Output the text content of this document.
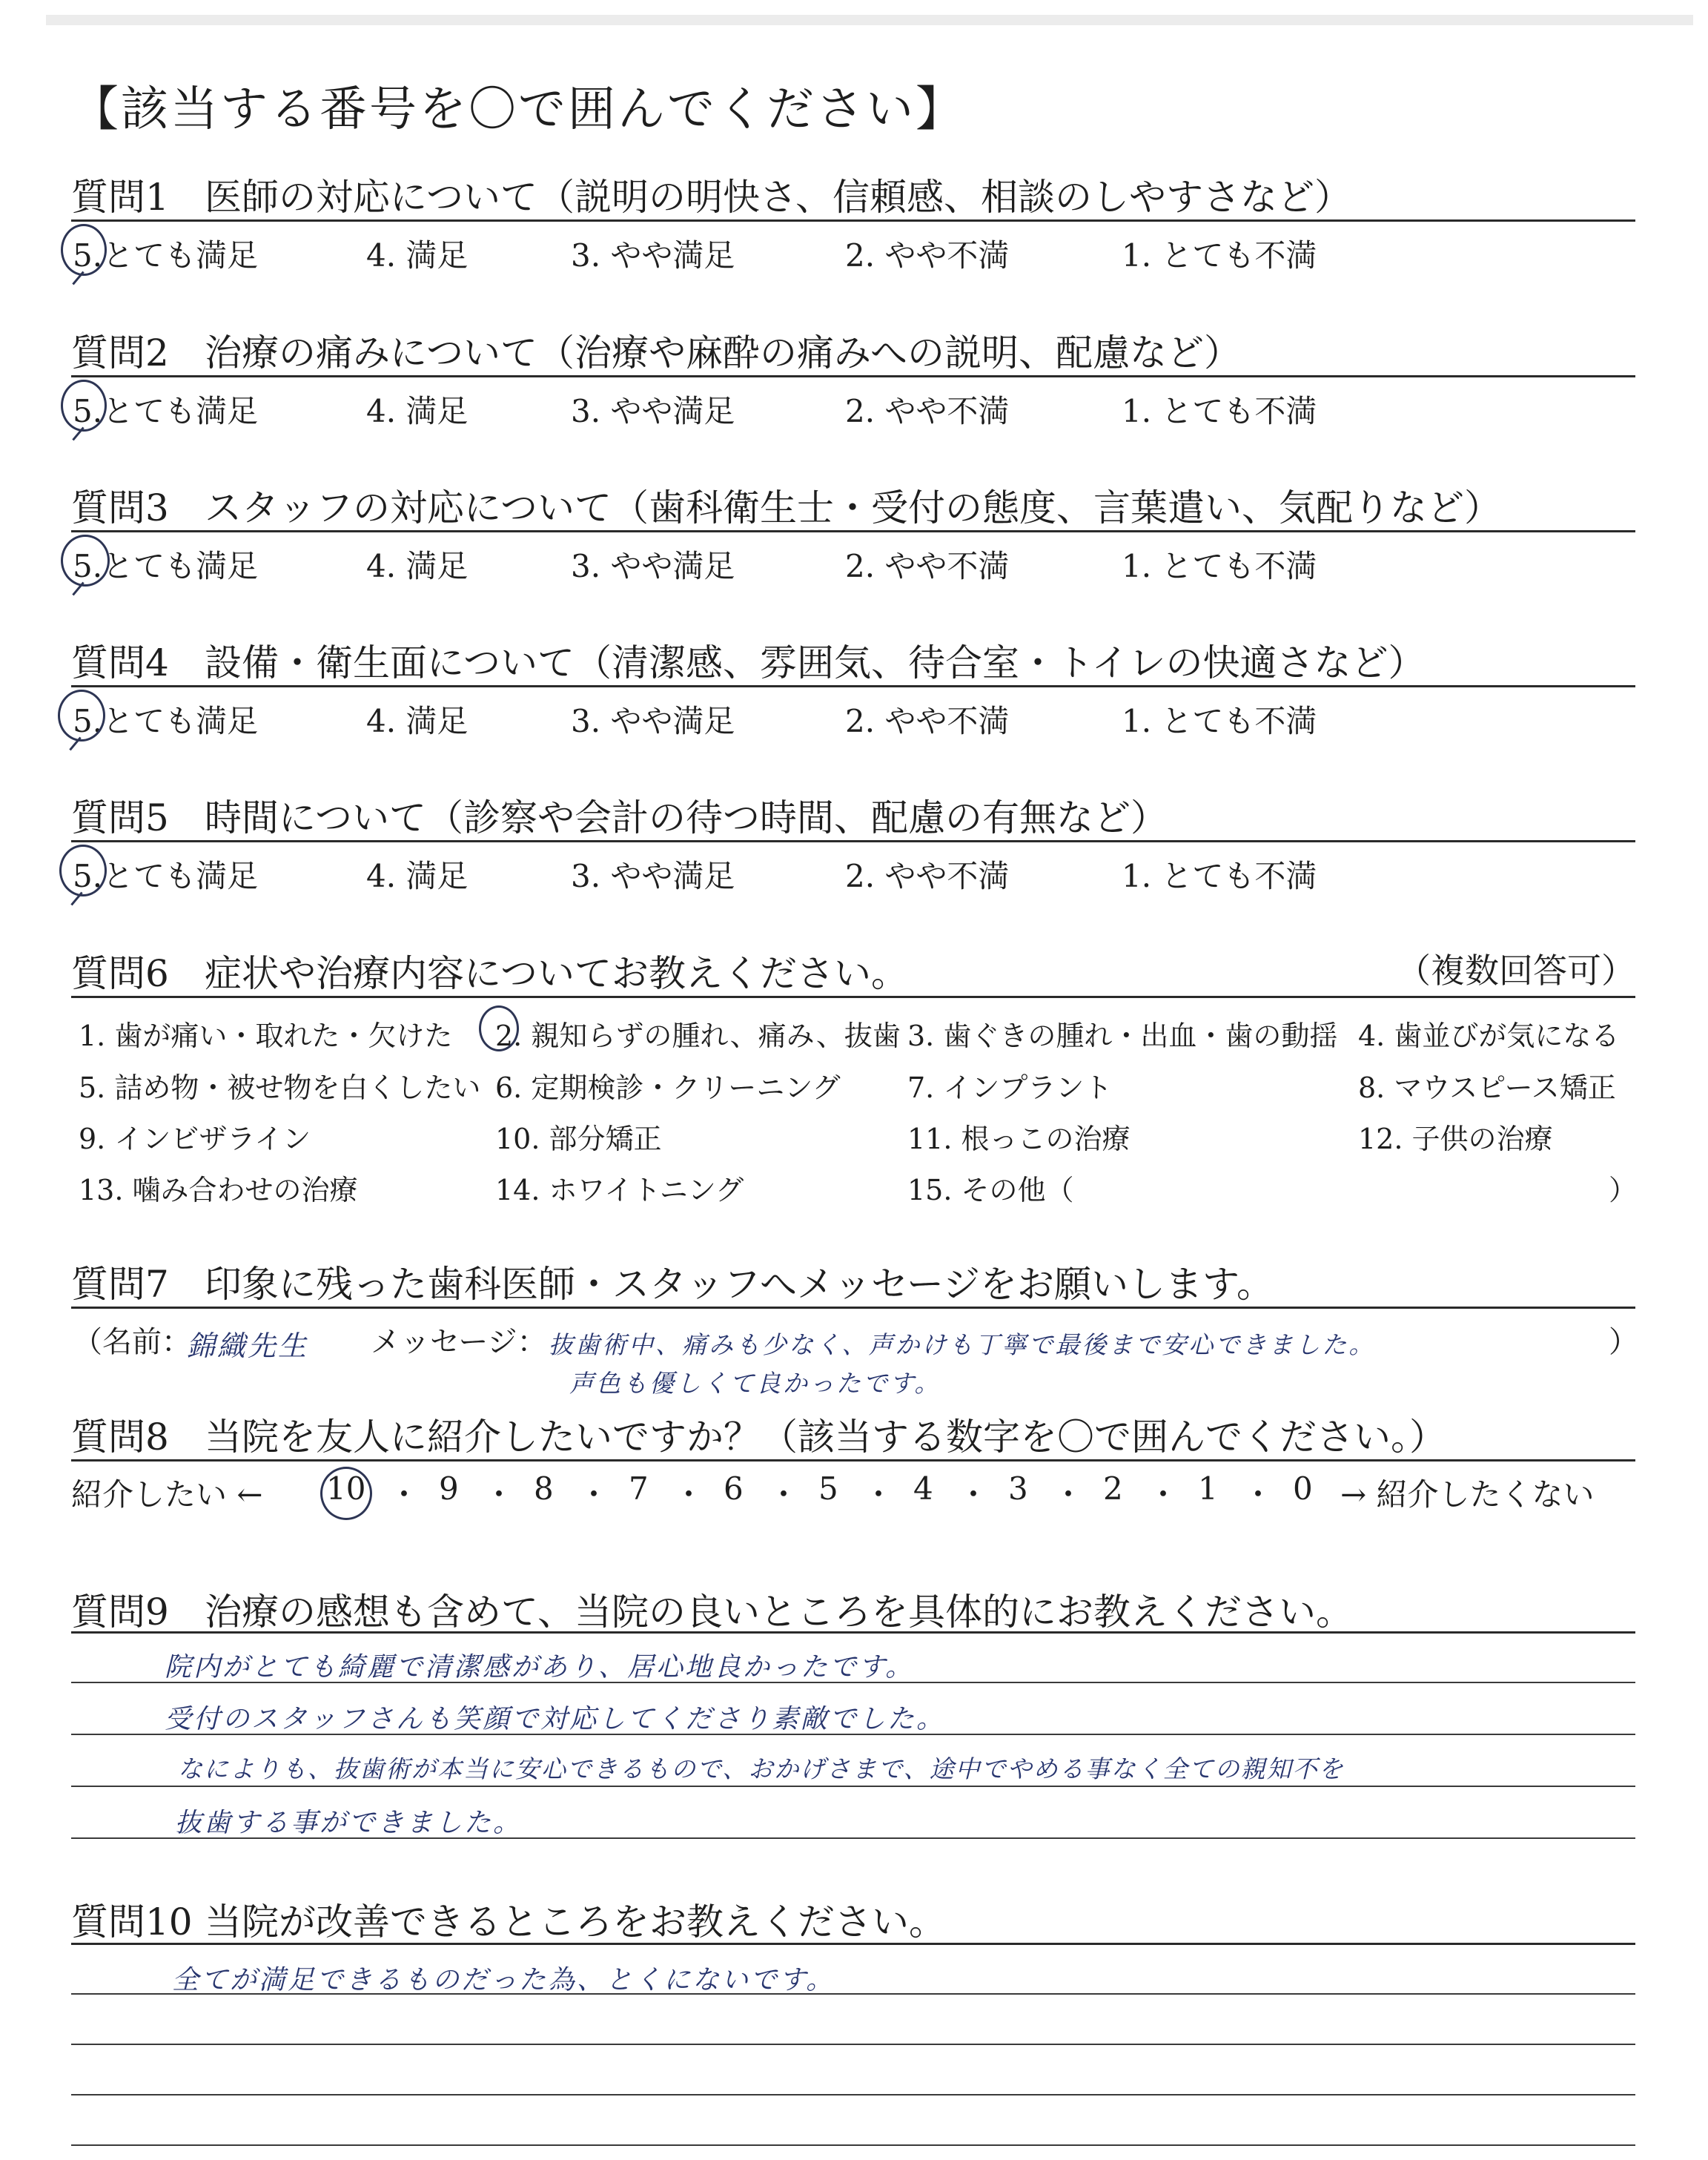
【該当する番号を〇で囲んでください】
質問1 医師の対応について（説明の明快さ、信頼感、相談のしやすさなど）
5.とても満足	4. 満足	3. やや満足	2. やや不満	1. とても不満
質問2 治療の痛みについて（治療や麻酔の痛みへの説明、配慮など）
5.とても満足	4. 満足	3. やや満足	2. やや不満	1. とても不満
質問3 スタッフの対応について（歯科衛生士・受付の態度、言葉遣い、気配りなど）
5.とても満足	4. 満足	3. やや満足	2. やや不満	1. とても不満
質問4 設備・衛生面について（清潔感、雰囲気、待合室・トイレの快適さなど）
5.とても満足	4. 満足	3. やや満足	2. やや不満	1. とても不満
質問5 時間について（診察や会計の待つ時間、配慮の有無など）
5.とても満足	4. 満足	3. やや満足	2. やや不満	1. とても不満
質問6 症状や治療内容についてお教えください。	（複数回答可）
1. 歯が痛い・取れた・欠けた 2. 親知らずの腫れ、痛み、抜歯 3. 歯ぐきの腫れ・出血・歯の動揺 4. 歯並びが気になる
5. 詰め物・被せ物を白くしたい 6. 定期検診・クリーニング 7. インプラント	8. マウスピース矯正
9. インビザライン	10. 部分矯正	11. 根っこの治療	12. 子供の治療
13. 噛み合わせの治療	14. ホワイトニング	15. その他（	）
質問7 印象に残った歯科医師・スタッフへメッセージをお願いします。
（名前：
錦織先生 メッセージ： 抜歯術中、痛みも少なく、声かけも丁寧で最後まで安心できました。
声色も優しくて良かったです。
）
質問8 当院を友人に紹介したいですか？（該当する数字を〇で囲んでください。）
紹介したい ← 10 ・ 9 ・ 8 ・ 7 ・ 6 ・ 5 ・ 4 ・ 3 ・ 2 ・ 1 ・ 0 → 紹介したくない
質問9 治療の感想も含めて、当院の良いところを具体的にお教えください。
院内がとても綺麗で清潔感があり、居心地良かったです。
受付のスタッフさんも笑顔で対応してくださり素敵でした。
なによりも、抜歯術が本当に安心できるもので、おかげさまで、途中でやめる事なく全ての親知不を
抜歯する事ができました。
質問10 当院が改善できるところをお教えください。
全てが満足できるものだった為、とくにないです。
